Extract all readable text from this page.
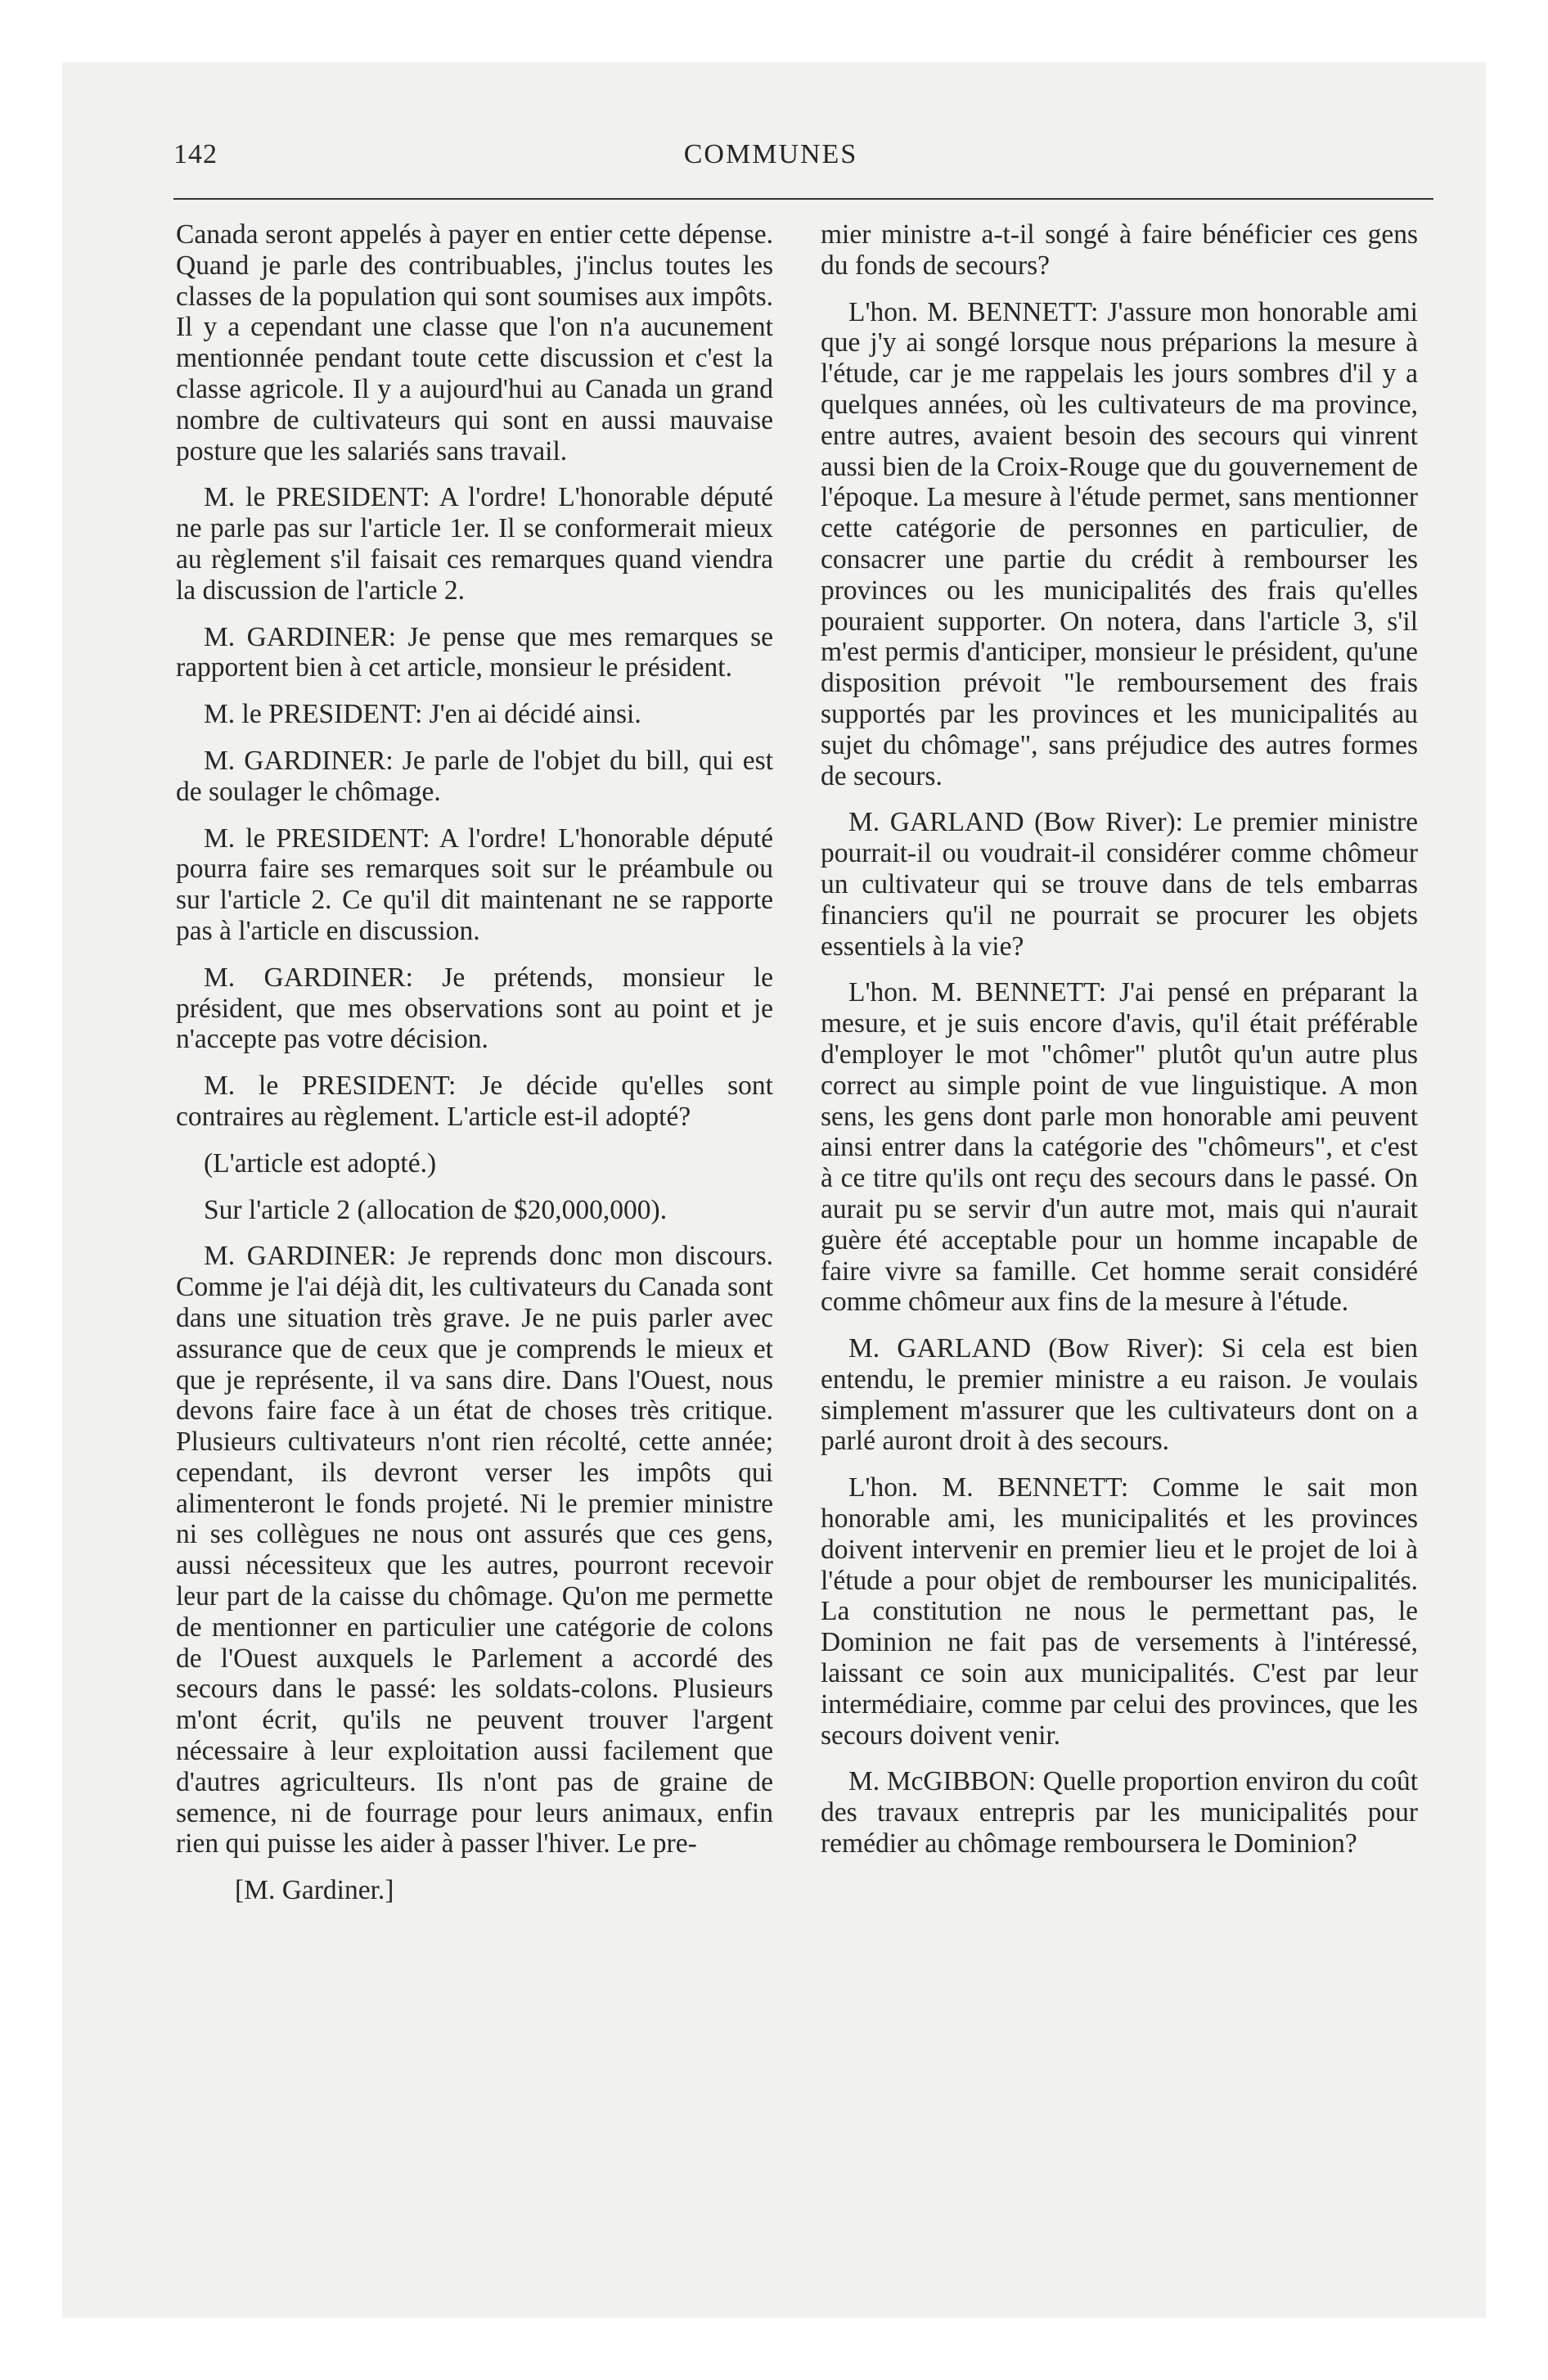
142	COMMUNES

Canada seront appelés à payer en entier cette dépense. Quand je parle des contribuables, j'inclus toutes les classes de la population qui sont soumises aux impôts. Il y a cependant une classe que l'on n'a aucunement mentionnée pendant toute cette discussion et c'est la classe agricole. Il y a aujourd'hui au Canada un grand nombre de cultivateurs qui sont en aussi mauvaise posture que les salariés sans travail.

M. le PRESIDENT: A l'ordre! L'honorable député ne parle pas sur l'article 1er. Il se conformerait mieux au règlement s'il faisait ces remarques quand viendra la discussion de l'article 2.

M. GARDINER: Je pense que mes remarques se rapportent bien à cet article, monsieur le président.

M. le PRESIDENT: J'en ai décidé ainsi.

M. GARDINER: Je parle de l'objet du bill, qui est de soulager le chômage.

M. le PRESIDENT: A l'ordre! L'honorable député pourra faire ses remarques soit sur le préambule ou sur l'article 2. Ce qu'il dit maintenant ne se rapporte pas à l'article en discussion.

M. GARDINER: Je prétends, monsieur le président, que mes observations sont au point et je n'accepte pas votre décision.

M. le PRESIDENT: Je décide qu'elles sont contraires au règlement. L'article est-il adopté?

(L'article est adopté.)

Sur l'article 2 (allocation de $20,000,000).

M. GARDINER: Je reprends donc mon discours. Comme je l'ai déjà dit, les cultivateurs du Canada sont dans une situation très grave. Je ne puis parler avec assurance que de ceux que je comprends le mieux et que je représente, il va sans dire. Dans l'Ouest, nous devons faire face à un état de choses très critique. Plusieurs cultivateurs n'ont rien récolté, cette année; cependant, ils devront verser les impôts qui alimenteront le fonds projeté. Ni le premier ministre ni ses collègues ne nous ont assurés que ces gens, aussi nécessiteux que les autres, pourront recevoir leur part de la caisse du chômage. Qu'on me permette de mentionner en particulier une catégorie de colons de l'Ouest auxquels le Parlement a accordé des secours dans le passé: les soldats-colons. Plusieurs m'ont écrit, qu'ils ne peuvent trouver l'argent nécessaire à leur exploitation aussi facilement que d'autres agriculteurs. Ils n'ont pas de graine de semence, ni de fourrage pour leurs animaux, enfin rien qui puisse les aider à passer l'hiver. Le pre-

[M. Gardiner.]

mier ministre a-t-il songé à faire bénéficier ces gens du fonds de secours?

L'hon. M. BENNETT: J'assure mon honorable ami que j'y ai songé lorsque nous préparions la mesure à l'étude, car je me rappelais les jours sombres d'il y a quelques années, où les cultivateurs de ma province, entre autres, avaient besoin des secours qui vinrent aussi bien de la Croix-Rouge que du gouvernement de l'époque. La mesure à l'étude permet, sans mentionner cette catégorie de personnes en particulier, de consacrer une partie du crédit à rembourser les provinces ou les municipalités des frais qu'elles pouraient supporter. On notera, dans l'article 3, s'il m'est permis d'anticiper, monsieur le président, qu'une disposition prévoit "le remboursement des frais supportés par les provinces et les municipalités au sujet du chômage", sans préjudice des autres formes de secours.

M. GARLAND (Bow River): Le premier ministre pourrait-il ou voudrait-il considérer comme chômeur un cultivateur qui se trouve dans de tels embarras financiers qu'il ne pourrait se procurer les objets essentiels à la vie?

L'hon. M. BENNETT: J'ai pensé en préparant la mesure, et je suis encore d'avis, qu'il était préférable d'employer le mot "chômer" plutôt qu'un autre plus correct au simple point de vue linguistique. A mon sens, les gens dont parle mon honorable ami peuvent ainsi entrer dans la catégorie des "chômeurs", et c'est à ce titre qu'ils ont reçu des secours dans le passé. On aurait pu se servir d'un autre mot, mais qui n'aurait guère été acceptable pour un homme incapable de faire vivre sa famille. Cet homme serait considéré comme chômeur aux fins de la mesure à l'étude.

M. GARLAND (Bow River): Si cela est bien entendu, le premier ministre a eu raison. Je voulais simplement m'assurer que les cultivateurs dont on a parlé auront droit à des secours.

L'hon. M. BENNETT: Comme le sait mon honorable ami, les municipalités et les provinces doivent intervenir en premier lieu et le projet de loi à l'étude a pour objet de rembourser les municipalités. La constitution ne nous le permettant pas, le Dominion ne fait pas de versements à l'intéressé, laissant ce soin aux municipalités. C'est par leur intermédiaire, comme par celui des provinces, que les secours doivent venir.

M. McGIBBON: Quelle proportion environ du coût des travaux entrepris par les municipalités pour remédier au chômage remboursera le Dominion?
